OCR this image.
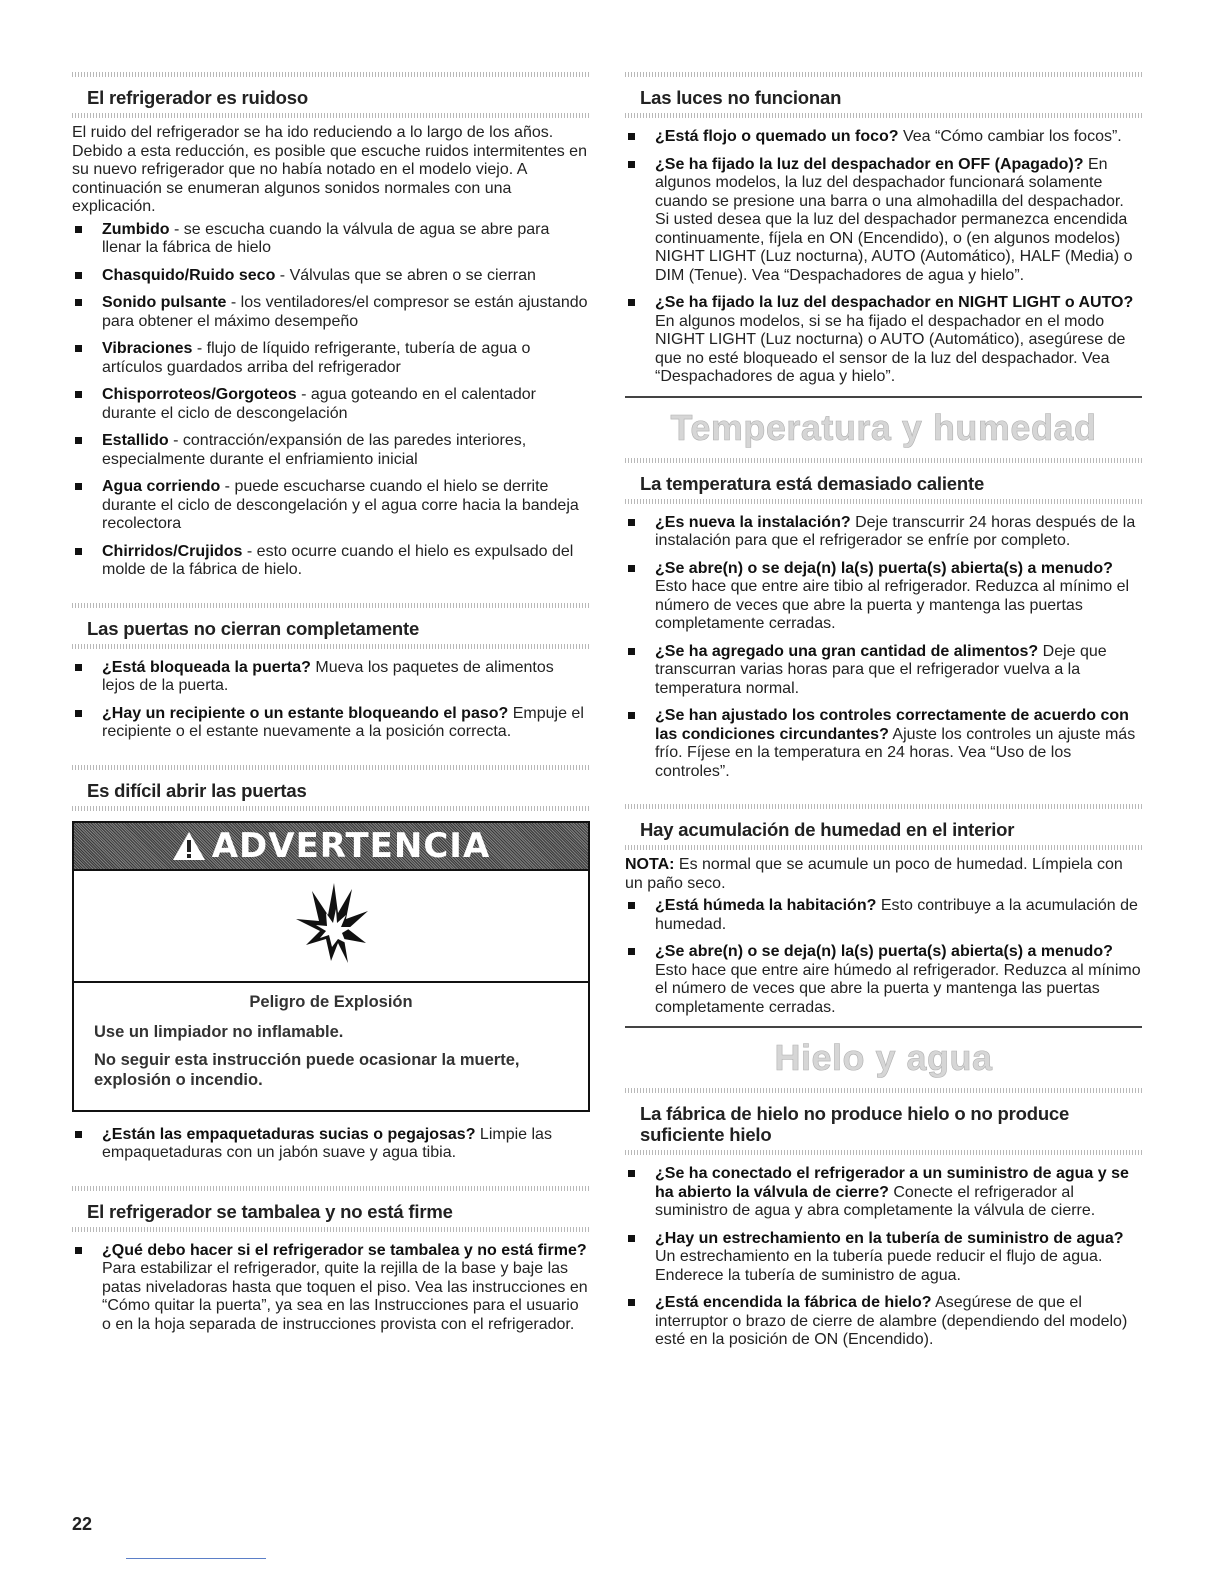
El refrigerador es ruidoso

El ruido del refrigerador se ha ido reduciendo a lo largo de los años. Debido a esta reducción, es posible que escuche ruidos intermitentes en su nuevo refrigerador que no había notado en el modelo viejo. A continuación se enumeran algunos sonidos normales con una explicación.

Zumbido - se escucha cuando la válvula de agua se abre para llenar la fábrica de hielo
Chasquido/Ruido seco - Válvulas que se abren o se cierran
Sonido pulsante - los ventiladores/el compresor se están ajustando para obtener el máximo desempeño
Vibraciones - flujo de líquido refrigerante, tubería de agua o artículos guardados arriba del refrigerador
Chisporroteos/Gorgoteos - agua goteando en el calentador durante el ciclo de descongelación
Estallido - contracción/expansión de las paredes interiores, especialmente durante el enfriamiento inicial
Agua corriendo - puede escucharse cuando el hielo se derrite durante el ciclo de descongelación y el agua corre hacia la bandeja recolectora
Chirridos/Crujidos - esto ocurre cuando el hielo es expulsado del molde de la fábrica de hielo.
Las puertas no cierran completamente
¿Está bloqueada la puerta? Mueva los paquetes de alimentos lejos de la puerta.
¿Hay un recipiente o un estante bloqueando el paso? Empuje el recipiente o el estante nuevamente a la posición correcta.
Es difícil abrir las puertas
ADVERTENCIA
Peligro de Explosión

Use un limpiador no inflamable.

No seguir esta instrucción puede ocasionar la muerte, explosión o incendio.

¿Están las empaquetaduras sucias o pegajosas? Limpie las empaquetaduras con un jabón suave y agua tibia.
El refrigerador se tambalea y no está firme
¿Qué debo hacer si el refrigerador se tambalea y no está firme? Para estabilizar el refrigerador, quite la rejilla de la base y baje las patas niveladoras hasta que toquen el piso. Vea las instrucciones en “Cómo quitar la puerta”, ya sea en las Instrucciones para el usuario o en la hoja separada de instrucciones provista con el refrigerador.
Las luces no funcionan
¿Está flojo o quemado un foco? Vea “Cómo cambiar los focos”.
¿Se ha fijado la luz del despachador en OFF (Apagado)? En algunos modelos, la luz del despachador funcionará solamente cuando se presione una barra o una almohadilla del despachador. Si usted desea que la luz del despachador permanezca encendida continuamente, fíjela en ON (Encendido), o (en algunos modelos) NIGHT LIGHT (Luz nocturna), AUTO (Automático), HALF (Media) o DIM (Tenue). Vea “Despachadores de agua y hielo”.
¿Se ha fijado la luz del despachador en NIGHT LIGHT o AUTO? En algunos modelos, si se ha fijado el despachador en el modo NIGHT LIGHT (Luz nocturna) o AUTO (Automático), asegúrese de que no esté bloqueado el sensor de la luz del despachador. Vea “Despachadores de agua y hielo”.
Temperatura y humedad
La temperatura está demasiado caliente
¿Es nueva la instalación? Deje transcurrir 24 horas después de la instalación para que el refrigerador se enfríe por completo.
¿Se abre(n) o se deja(n) la(s) puerta(s) abierta(s) a menudo? Esto hace que entre aire tibio al refrigerador. Reduzca al mínimo el número de veces que abre la puerta y mantenga las puertas completamente cerradas.
¿Se ha agregado una gran cantidad de alimentos? Deje que transcurran varias horas para que el refrigerador vuelva a la temperatura normal.
¿Se han ajustado los controles correctamente de acuerdo con las condiciones circundantes? Ajuste los controles un ajuste más frío. Fíjese en la temperatura en 24 horas. Vea “Uso de los controles”.
Hay acumulación de humedad en el interior

NOTA: Es normal que se acumule un poco de humedad. Límpiela con un paño seco.

¿Está húmeda la habitación? Esto contribuye a la acumulación de humedad.
¿Se abre(n) o se deja(n) la(s) puerta(s) abierta(s) a menudo? Esto hace que entre aire húmedo al refrigerador. Reduzca al mínimo el número de veces que abre la puerta y mantenga las puertas completamente cerradas.
Hielo y agua
La fábrica de hielo no produce hielo o no produce suficiente hielo
¿Se ha conectado el refrigerador a un suministro de agua y se ha abierto la válvula de cierre? Conecte el refrigerador al suministro de agua y abra completamente la válvula de cierre.
¿Hay un estrechamiento en la tubería de suministro de agua? Un estrechamiento en la tubería puede reducir el flujo de agua. Enderece la tubería de suministro de agua.
¿Está encendida la fábrica de hielo? Asegúrese de que el interruptor o brazo de cierre de alambre (dependiendo del modelo) esté en la posición de ON (Encendido).
22
